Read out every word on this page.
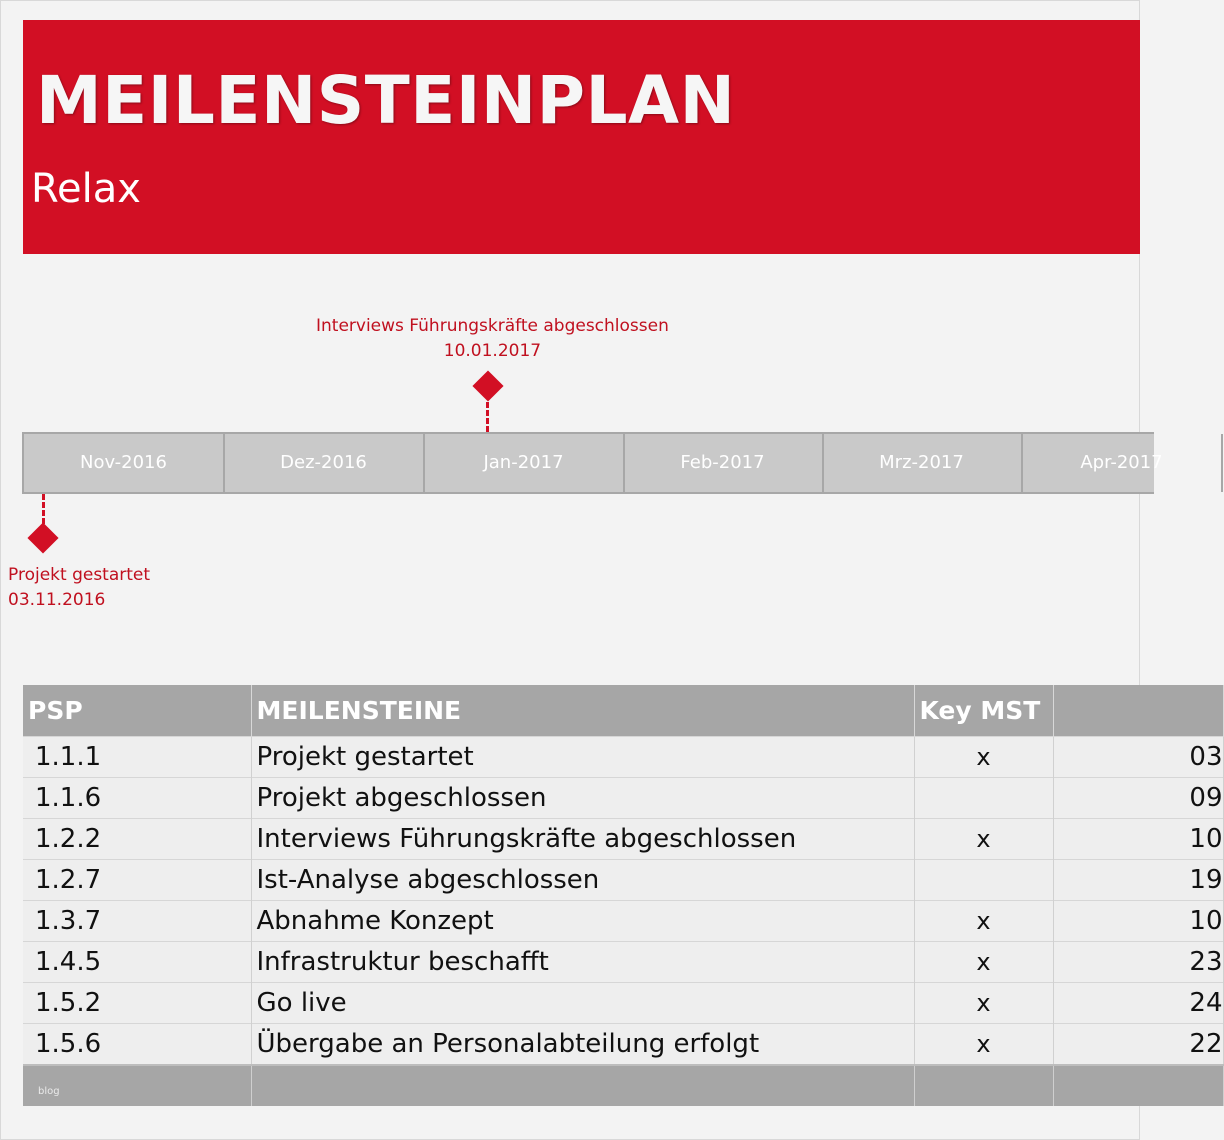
MEILENSTEINPLAN
Relax
Interviews Führungskräfte abgeschlossen
10.01.2017
Nov-2016	Dez-2016	Jan-2017	Feb-2017	Mrz-2017	Apr-2017
Projekt gestartet
03.11.2016
PSP	MEILENSTEINE	Key MST	
1.1.1	Projekt gestartet	x	03
1.1.6	Projekt abgeschlossen		09
1.2.2	Interviews Führungskräfte abgeschlossen	x	10
1.2.7	Ist-Analyse abgeschlossen		19
1.3.7	Abnahme Konzept	x	10
1.4.5	Infrastruktur beschafft	x	23
1.5.2	Go live	x	24
1.5.6	Übergabe an Personalabteilung erfolgt	x	22
blog			
